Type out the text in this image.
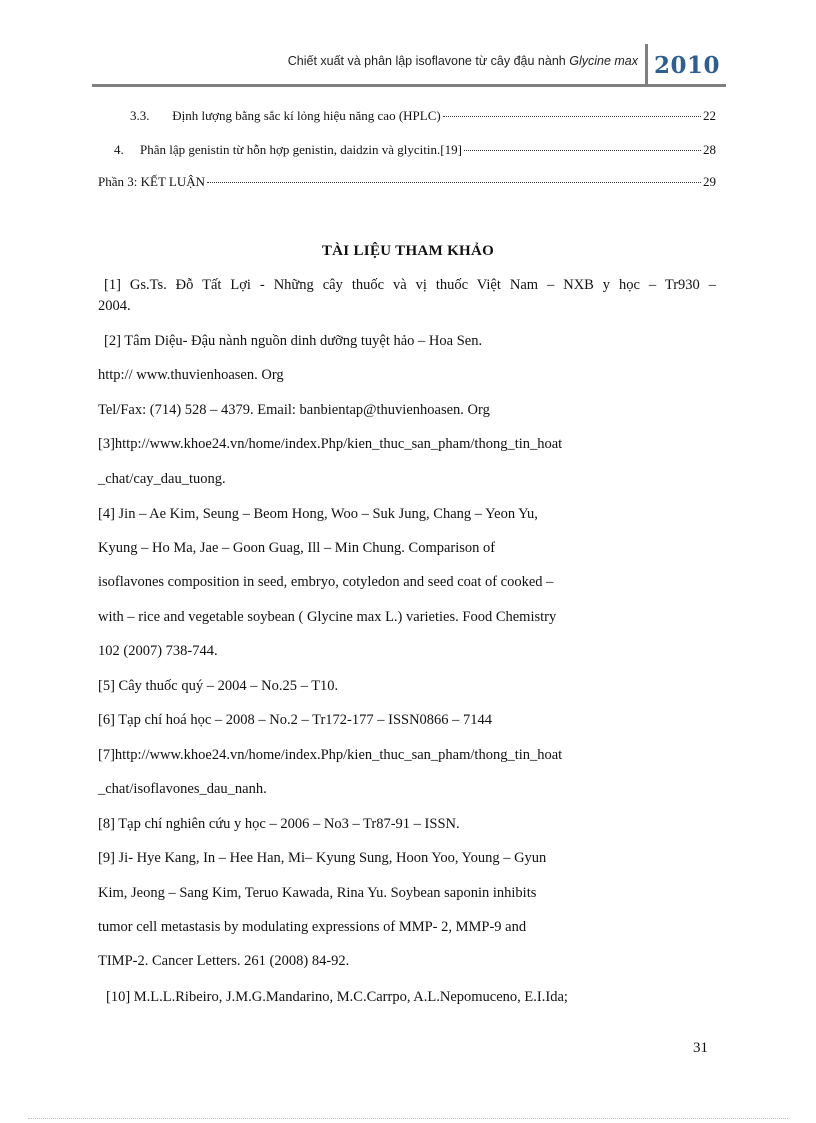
Chiết xuất và phân lập isoflavone từ cây đậu nành Glycine max 2010
3.3.       Định lượng bằng sắc kí lỏng hiệu năng cao (HPLC)	22
4.     Phân lập genistin từ hỗn hợp genistin, daidzin và glycitin.[19]	28
Phần 3: KẾT LUẬN	29
TÀI LIỆU THAM KHẢO
[1] Gs.Ts. Đỗ Tất Lợi - Những cây thuốc và vị thuốc Việt Nam – NXB y học – Tr930 –
2004.
[2] Tâm Diệu- Đậu nành nguồn dinh dưỡng tuyệt hảo – Hoa Sen.
http:// www.thuvienhoasen. Org
Tel/Fax: (714) 528 – 4379. Email: banbientap@thuvienhoasen. Org
[3]http://www.khoe24.vn/home/index.Php/kien_thuc_san_pham/thong_tin_hoat
_chat/cay_dau_tuong.
[4] Jin – Ae Kim, Seung – Beom Hong, Woo – Suk Jung, Chang – Yeon Yu,
Kyung – Ho Ma, Jae – Goon Guag, Ill – Min Chung. Comparison of
isoflavones composition in seed, embryo, cotyledon and seed coat of cooked –
with – rice and vegetable soybean ( Glycine max L.) varieties. Food Chemistry
102 (2007) 738-744.
[5] Cây thuốc quý – 2004 – No.25 – T10.
[6] Tạp chí hoá học – 2008 – No.2 – Tr172-177 – ISSN0866 – 7144
[7]http://www.khoe24.vn/home/index.Php/kien_thuc_san_pham/thong_tin_hoat
_chat/isoflavones_dau_nanh.
[8] Tạp chí nghiên cứu y học – 2006 – No3 – Tr87-91 – ISSN.
[9] Ji- Hye Kang, In – Hee Han, Mi– Kyung Sung, Hoon Yoo, Young – Gyun
Kim, Jeong – Sang Kim, Teruo Kawada, Rina Yu. Soybean saponin inhibits
tumor cell metastasis by modulating expressions of MMP- 2, MMP-9 and
TIMP-2. Cancer Letters. 261 (2008) 84-92.
[10] M.L.L.Ribeiro, J.M.G.Mandarino, M.C.Carrpo, A.L.Nepomuceno, E.I.Ida;
31
